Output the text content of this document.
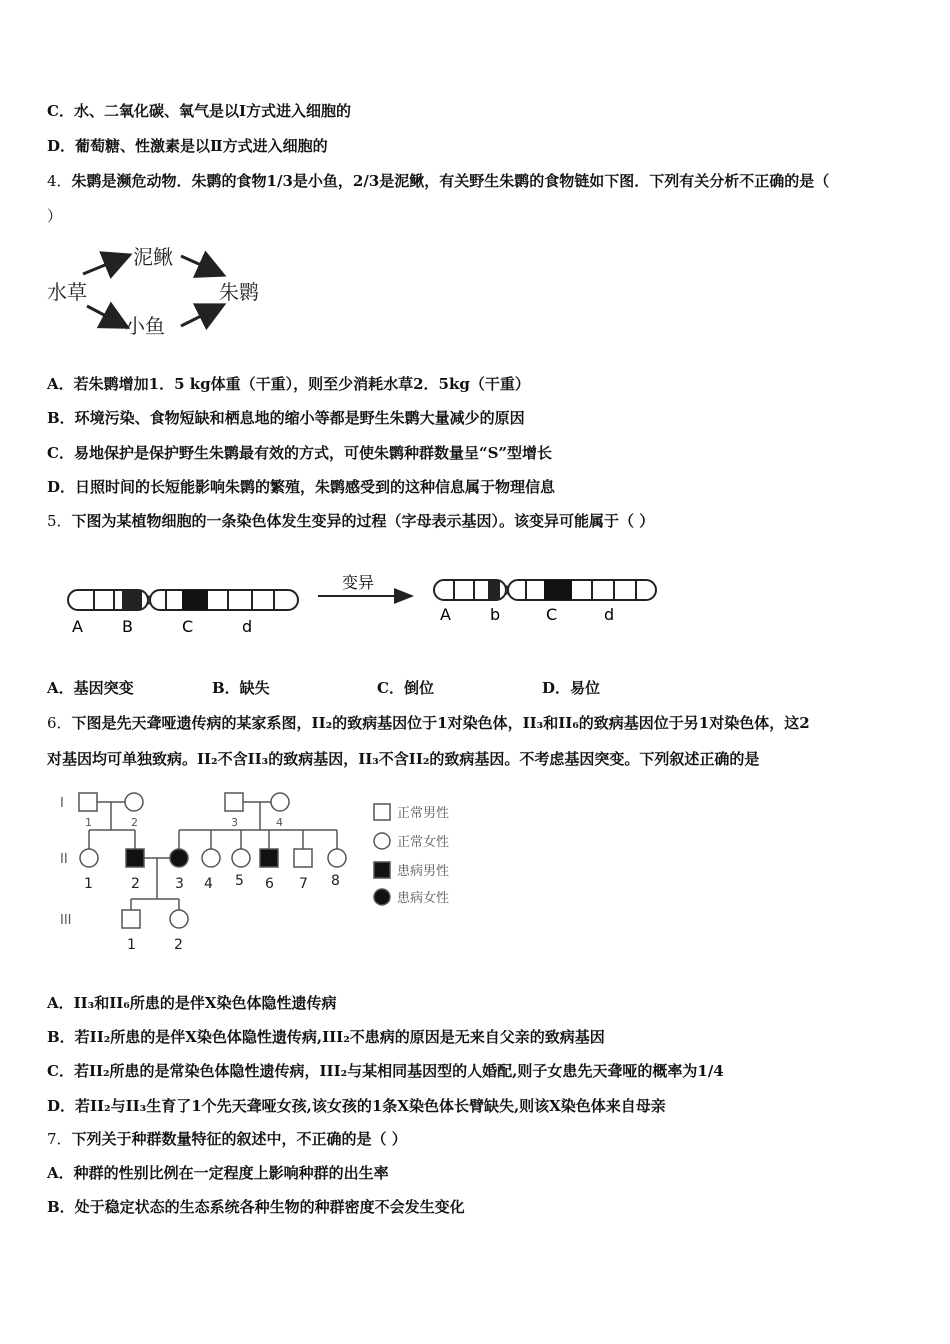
C．水、二氧化碳、氧气是以Ⅰ方式进入细胞的
D．葡萄糖、性激素是以Ⅱ方式进入细胞的
4．朱鹮是濒危动物．朱鹮的食物1/3是小鱼，2/3是泥鳅，有关野生朱鹮的食物链如下图．下列有关分析不正确的是（
）
水草
泥鳅
小鱼
朱鹮
A．若朱鹮增加1．5 kg体重（干重），则至少消耗水草2．5kg（干重）
B．环境污染、食物短缺和栖息地的缩小等都是野生朱鹮大量减少的原因
C．易地保护是保护野生朱鹮最有效的方式，可使朱鹮种群数量呈“S”型增长
D．日照时间的长短能影响朱鹮的繁殖，朱鹮感受到的这种信息属于物理信息
5．下图为某植物细胞的一条染色体发生变异的过程（字母表示基因）。该变异可能属于（ ）
A B	C	d
变异
A b	C	d
A．基因突变	B．缺失	C．倒位	D．易位
6．下图是先天聋哑遗传病的某家系图，II₂的致病基因位于1对染色体，II₃和II₆的致病基因位于另1对染色体，这2
对基因均可单独致病。II₂不含II₃的致病基因，II₃不含II₂的致病基因。不考虑基因突变。下列叙述正确的是
I
II
III
1	2	3	4
1	2	3 4 5 6 7 8
1	2
正常男性
正常女性
患病男性
患病女性
A．II₃和II₆所患的是伴X染色体隐性遗传病
B．若II₂所患的是伴X染色体隐性遗传病,III₂不患病的原因是无来自父亲的致病基因
C．若II₂所患的是常染色体隐性遗传病，III₂与某相同基因型的人婚配,则子女患先天聋哑的概率为1/4
D．若II₂与II₃生育了1个先天聋哑女孩,该女孩的1条X染色体长臂缺失,则该X染色体来自母亲
7．下列关于种群数量特征的叙述中，不正确的是（ ）
A．种群的性别比例在一定程度上影响种群的出生率
B．处于稳定状态的生态系统各种生物的种群密度不会发生变化
